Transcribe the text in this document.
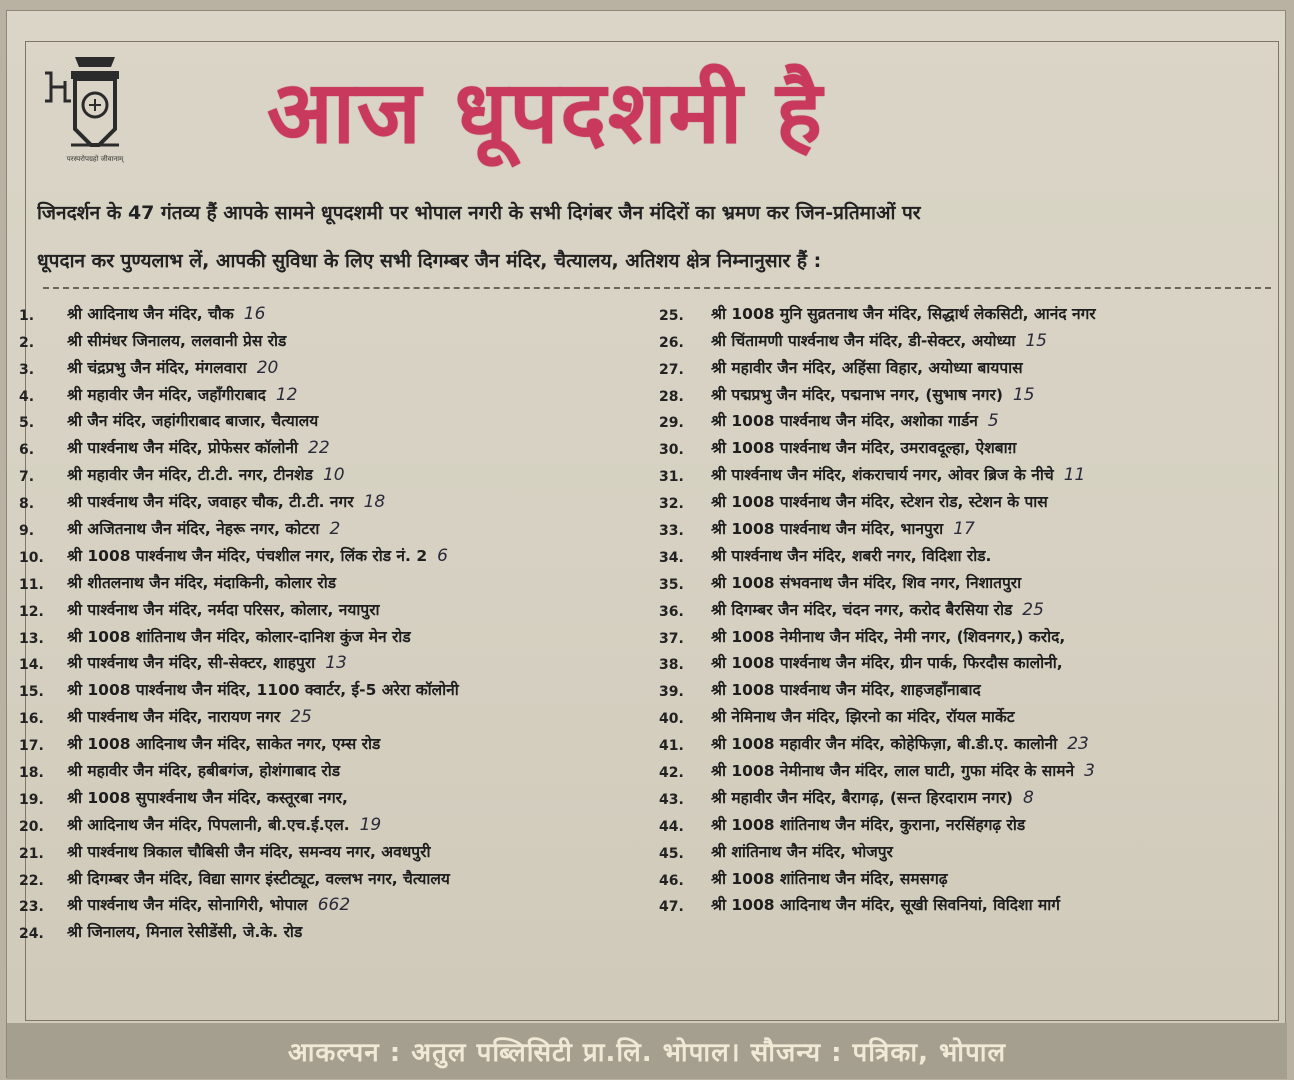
परस्परोपग्रहो जीवानाम् आज धूपदशमी है
जिनदर्शन के 47 गंतव्य हैं आपके सामने धूपदशमी पर भोपाल नगरी के सभी दिगंबर जैन मंदिरों का भ्रमण कर जिन-प्रतिमाओं पर
धूपदान कर पुण्यलाभ लें, आपकी सुविधा के लिए सभी दिगम्बर जैन मंदिर, चैत्यालय, अतिशय क्षेत्र निम्नानुसार हैं :
1.	श्री आदिनाथ जैन मंदिर, चौक 16
2.	श्री सीमंधर जिनालय, ललवानी प्रेस रोड
3.	श्री चंद्रप्रभु जैन मंदिर, मंगलवारा 20
4.	श्री महावीर जैन मंदिर, जहाँगीराबाद 12
5.	श्री जैन मंदिर, जहांगीराबाद बाजार, चैत्यालय
6.	श्री पार्श्वनाथ जैन मंदिर, प्रोफेसर कॉलोनी 22
7.	श्री महावीर जैन मंदिर, टी.टी. नगर, टीनशेड 10
8.	श्री पार्श्वनाथ जैन मंदिर, जवाहर चौक, टी.टी. नगर 18
9.	श्री अजितनाथ जैन मंदिर, नेहरू नगर, कोटरा 2
10.	श्री 1008 पार्श्वनाथ जैन मंदिर, पंचशील नगर, लिंक रोड नं. 2 6
11.	श्री शीतलनाथ जैन मंदिर, मंदाकिनी, कोलार रोड
12.	श्री पार्श्वनाथ जैन मंदिर, नर्मदा परिसर, कोलार, नयापुरा
13.	श्री 1008 शांतिनाथ जैन मंदिर, कोलार-दानिश कुंज मेन रोड
14.	श्री पार्श्वनाथ जैन मंदिर, सी-सेक्टर, शाहपुरा 13
15.	श्री 1008 पार्श्वनाथ जैन मंदिर, 1100 क्वार्टर, ई-5 अरेरा कॉलोनी
16.	श्री पार्श्वनाथ जैन मंदिर, नारायण नगर 25
17.	श्री 1008 आदिनाथ जैन मंदिर, साकेत नगर, एम्स रोड
18.	श्री महावीर जैन मंदिर, हबीबगंज, होशंगाबाद रोड
19.	श्री 1008 सुपार्श्वनाथ जैन मंदिर, कस्तूरबा नगर,
20.	श्री आदिनाथ जैन मंदिर, पिपलानी, बी.एच.ई.एल. 19
21.	श्री पार्श्वनाथ त्रिकाल चौबिसी जैन मंदिर, समन्वय नगर, अवधपुरी
22.	श्री दिगम्बर जैन मंदिर, विद्या सागर इंस्टीट्यूट, वल्लभ नगर, चैत्यालय
23.	श्री पार्श्वनाथ जैन मंदिर, सोनागिरी, भोपाल 662
24.	श्री जिनालय, मिनाल रेसीडेंसी, जे.के. रोड
25.	श्री 1008 मुनि सुव्रतनाथ जैन मंदिर, सिद्धार्थ लेकसिटी, आनंद नगर
26.	श्री चिंतामणी पार्श्वनाथ जैन मंदिर, डी-सेक्टर, अयोध्या 15
27.	श्री महावीर जैन मंदिर, अहिंसा विहार, अयोध्या बायपास
28.	श्री पद्मप्रभु जैन मंदिर, पद्मनाभ नगर, (सुभाष नगर) 15
29.	श्री 1008 पार्श्वनाथ जैन मंदिर, अशोका गार्डन 5
30.	श्री 1008 पार्श्वनाथ जैन मंदिर, उमरावदूल्हा, ऐशबाग़
31.	श्री पार्श्वनाथ जैन मंदिर, शंकराचार्य नगर, ओवर ब्रिज के नीचे 11
32.	श्री 1008 पार्श्वनाथ जैन मंदिर, स्टेशन रोड, स्टेशन के पास
33.	श्री 1008 पार्श्वनाथ जैन मंदिर, भानपुरा 17
34.	श्री पार्श्वनाथ जैन मंदिर, शबरी नगर, विदिशा रोड.
35.	श्री 1008 संभवनाथ जैन मंदिर, शिव नगर, निशातपुरा
36.	श्री दिगम्बर जैन मंदिर, चंदन नगर, करोद बैरसिया रोड 25
37.	श्री 1008 नेमीनाथ जैन मंदिर, नेमी नगर, (शिवनगर,) करोद,
38.	श्री 1008 पार्श्वनाथ जैन मंदिर, ग्रीन पार्क, फिरदौस कालोनी,
39.	श्री 1008 पार्श्वनाथ जैन मंदिर, शाहजहाँनाबाद
40.	श्री नेमिनाथ जैन मंदिर, झिरनो का मंदिर, रॉयल मार्केट
41.	श्री 1008 महावीर जैन मंदिर, कोहेफिज़ा, बी.डी.ए. कालोनी 23
42.	श्री 1008 नेमीनाथ जैन मंदिर, लाल घाटी, गुफा मंदिर के सामने 3
43.	श्री महावीर जैन मंदिर, बैरागढ़, (सन्त हिरदाराम नगर) 8
44.	श्री 1008 शांतिनाथ जैन मंदिर, कुराना, नरसिंहगढ़ रोड
45.	श्री शांतिनाथ जैन मंदिर, भोजपुर
46.	श्री 1008 शांतिनाथ जैन मंदिर, समसगढ़
47.	श्री 1008 आदिनाथ जैन मंदिर, सूखी सिवनियां, विदिशा मार्ग
आकल्पन : अतुल पब्लिसिटी प्रा.लि. भोपाल। सौजन्य : पत्रिका, भोपाल
